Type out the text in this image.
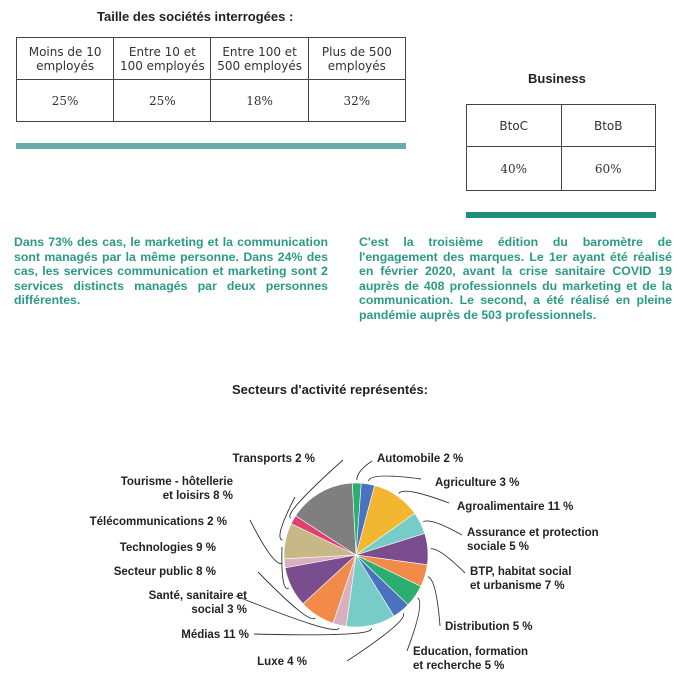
Taille des sociétés interrogées :
Moins de 10 employés	Entre 10 et 100 employés	Entre 100 et 500 employés	Plus de 500 employés
25%	25%	18%	32%
Business
BtoC	BtoB
40%	60%

Dans 73% des cas, le marketing et la communication sont managés par la même personne. Dans 24% des cas, les services communication et marketing sont 2 services distincts managés par deux personnes différentes.

C'est la troisième édition du baromètre de l'engagement des marques. Le 1er ayant été réalisé en février 2020, avant la crise sanitaire COVID 19 auprès de 408 professionnels du marketing et de la communication. Le second, a été réalisé en pleine pandémie auprès de 503 professionnels.

Secteurs d'activité représentés:
Transports 2 %	Automobile 2 %
Agriculture 3 %
Agroalimentaire 11 %
Assurance et protection
sociale 5 %
BTP, habitat social
et urbanisme 7 %
Distribution 5 %
Education, formation
et recherche 5 %
Luxe 4 %
Médias 11 %
Santé, sanitaire et
social 3 %
Secteur public 8 %
Technologies 9 %
Télécommunications 2 %
Tourisme - hôtellerie
et loisirs 8 %
